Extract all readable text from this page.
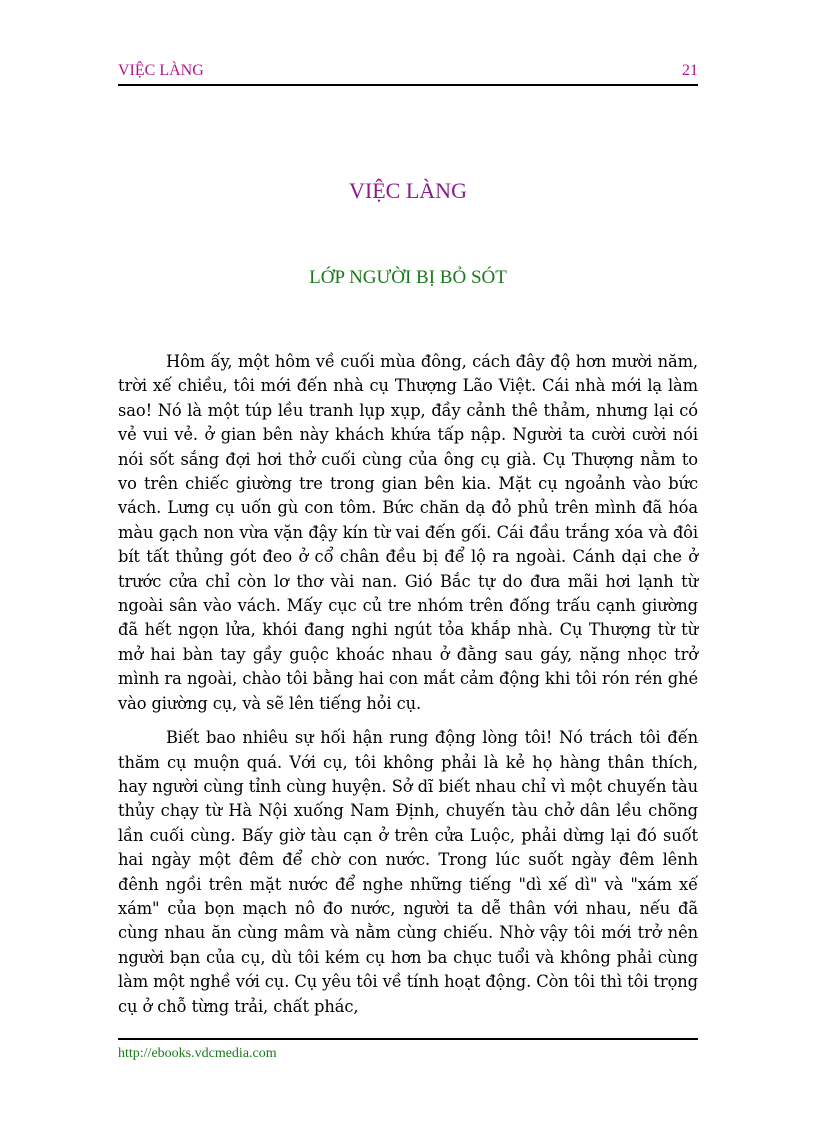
VIỆC LÀNG	21
VIỆC LÀNG
LỚP NGƯỜI BỊ BỎ SÓT

Hôm ấy, một hôm về cuối mùa đông, cách đây độ hơn mười năm, trời xế chiều, tôi mới đến nhà cụ Thượng Lão Việt. Cái nhà mới lạ làm sao! Nó là một túp lều tranh lụp xụp, đầy cảnh thê thảm, nhưng lại có vẻ vui vẻ. ở gian bên này khách khứa tấp nập. Người ta cười cười nói nói sốt sắng đợi hơi thở cuối cùng của ông cụ già. Cụ Thượng nằm to vo trên chiếc giường tre trong gian bên kia. Mặt cụ ngoảnh vào bức vách. Lưng cụ uốn gù con tôm. Bức chăn dạ đỏ phủ trên mình đã hóa màu gạch non vừa vặn đậy kín từ vai đến gối. Cái đầu trắng xóa và đôi bít tất thủng gót đeo ở cổ chân đều bị để lộ ra ngoài. Cánh dại che ở trước cửa chỉ còn lơ thơ vài nan. Gió Bắc tự do đưa mãi hơi lạnh từ ngoài sân vào vách. Mấy cục củ tre nhóm trên đống trấu cạnh giường đã hết ngọn lửa, khói đang nghi ngút tỏa khắp nhà. Cụ Thượng từ từ mở hai bàn tay gầy guộc khoác nhau ở đằng sau gáy, nặng nhọc trở mình ra ngoài, chào tôi bằng hai con mắt cảm động khi tôi rón rén ghé vào giường cụ, và sẽ lên tiếng hỏi cụ.

Biết bao nhiêu sự hối hận rung động lòng tôi! Nó trách tôi đến thăm cụ muộn quá. Với cụ, tôi không phải là kẻ họ hàng thân thích, hay người cùng tỉnh cùng huyện. Sở dĩ biết nhau chỉ vì một chuyến tàu thủy chạy từ Hà Nội xuống Nam Định, chuyến tàu chở dân lều chõng lần cuối cùng. Bấy giờ tàu cạn ở trên cửa Luộc, phải dừng lại đó suốt hai ngày một đêm để chờ con nước. Trong lúc suốt ngày đêm lênh đênh ngồi trên mặt nước để nghe những tiếng "dì xế dì" và "xám xế xám" của bọn mạch nô đo nước, người ta dễ thân với nhau, nếu đã cùng nhau ăn cùng mâm và nằm cùng chiếu. Nhờ vậy tôi mới trở nên người bạn của cụ, dù tôi kém cụ hơn ba chục tuổi và không phải cùng làm một nghề với cụ. Cụ yêu tôi về tính hoạt động. Còn tôi thì tôi trọng cụ ở chỗ từng trải, chất phác,

http://ebooks.vdcmedia.com
